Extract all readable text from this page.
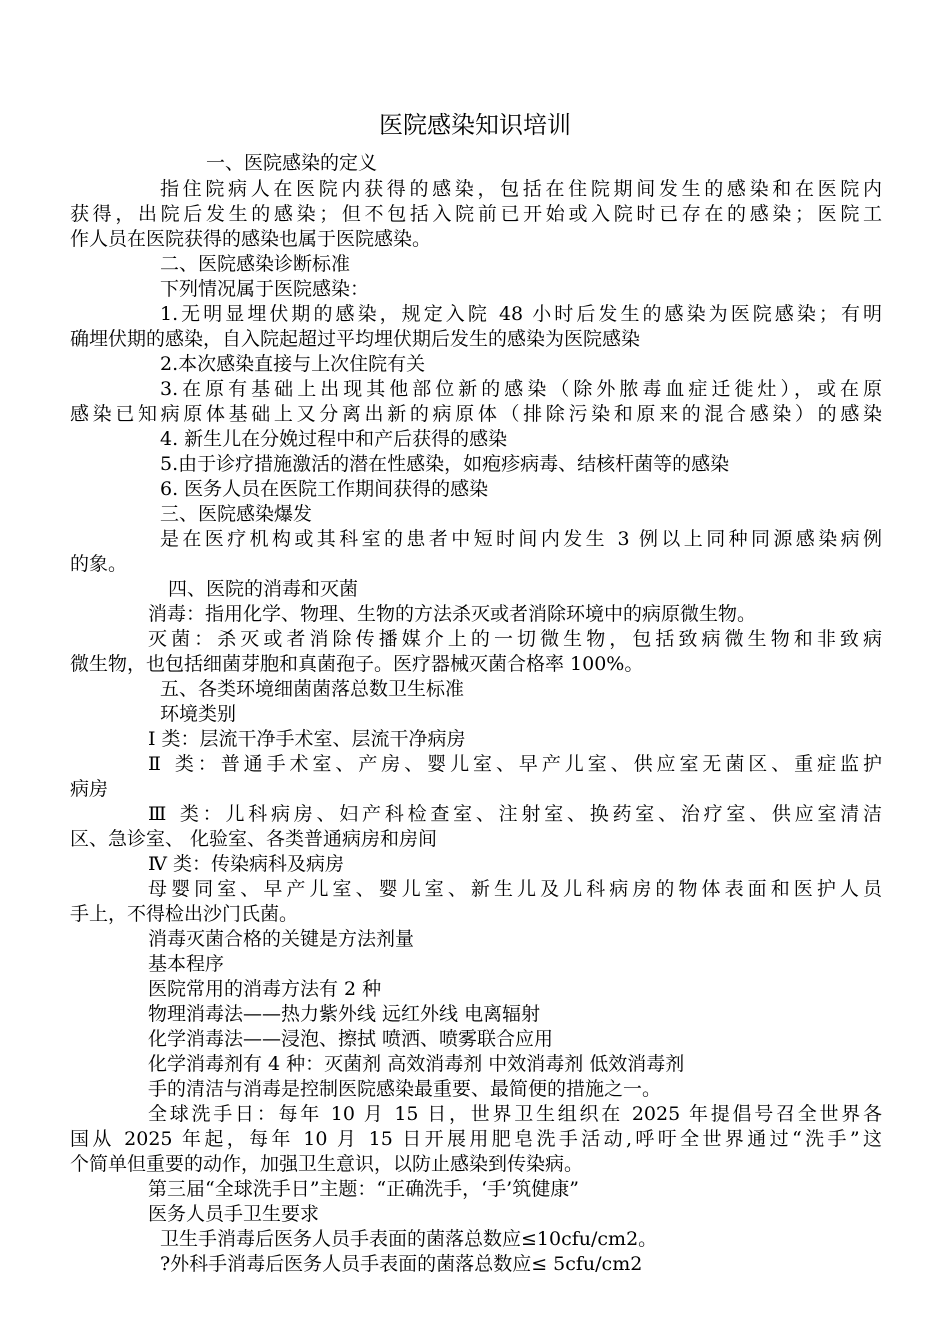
医院感染知识培训
一、医院感染的定义
指住院病人在医院内获得的感染，包括在住院期间发生的感染和在医院内
获得，出院后发生的感染；但不包括入院前已开始或入院时已存在的感染；医院工
作人员在医院获得的感染也属于医院感染。
二、医院感染诊断标准
下列情况属于医院感染：
1.无明显埋伏期的感染，规定入院 48 小时后发生的感染为医院感染；有明
确埋伏期的感染，自入院起超过平均埋伏期后发生的感染为医院感染
2.本次感染直接与上次住院有关
3.在原有基础上出现其他部位新的感染（除外脓毒血症迁徙灶），或在原
感染已知病原体基础上又分离出新的病原体（排除污染和原来的混合感染）的感染
4. 新生儿在分娩过程中和产后获得的感染
5.由于诊疗措施激活的潜在性感染，如疱疹病毒、结核杆菌等的感染
6. 医务人员在医院工作期间获得的感染
三、医院感染爆发
是在医疗机构或其科室的患者中短时间内发生 3 例以上同种同源感染病例
的象。
四、医院的消毒和灭菌
消毒：指用化学、物理、生物的方法杀灭或者消除环境中的病原微生物。
灭菌：杀灭或者消除传播媒介上的一切微生物，包括致病微生物和非致病
微生物，也包括细菌芽胞和真菌孢子。医疗器械灭菌合格率 100%。
五、各类环境细菌菌落总数卫生标准
环境类别
Ⅰ 类：层流干净手术室、层流干净病房
Ⅱ 类：普通手术室、产房、婴儿室、早产儿室、供应室无菌区、重症监护
病房
Ⅲ 类：儿科病房、妇产科检查室、注射室、换药室、治疗室、供应室清洁
区、急诊室、 化验室、各类普通病房和房间
Ⅳ 类：传染病科及病房
母婴同室、早产儿室、婴儿室、新生儿及儿科病房的物体表面和医护人员
手上，不得检出沙门氏菌。
消毒灭菌合格的关键是方法剂量
基本程序
医院常用的消毒方法有 2 种
物理消毒法——热力紫外线 远红外线 电离辐射
化学消毒法——浸泡、擦拭 喷洒、喷雾联合应用
化学消毒剂有 4 种：灭菌剂 高效消毒剂 中效消毒剂 低效消毒剂
手的清洁与消毒是控制医院感染最重要、最简便的措施之一。
全球洗手日：每年 10 月 15 日，世界卫生组织在 2025 年提倡号召全世界各
国从 2025 年起，每年 10 月 15 日开展用肥皂洗手活动,呼吁全世界通过“洗手”这
个简单但重要的动作，加强卫生意识，以防止感染到传染病。
第三届“全球洗手日”主题：“正确洗手，‘手’筑健康”
医务人员手卫生要求
卫生手消毒后医务人员手表面的菌落总数应≤10cfu/cm2。
?外科手消毒后医务人员手表面的菌落总数应≤ 5cfu/cm2
